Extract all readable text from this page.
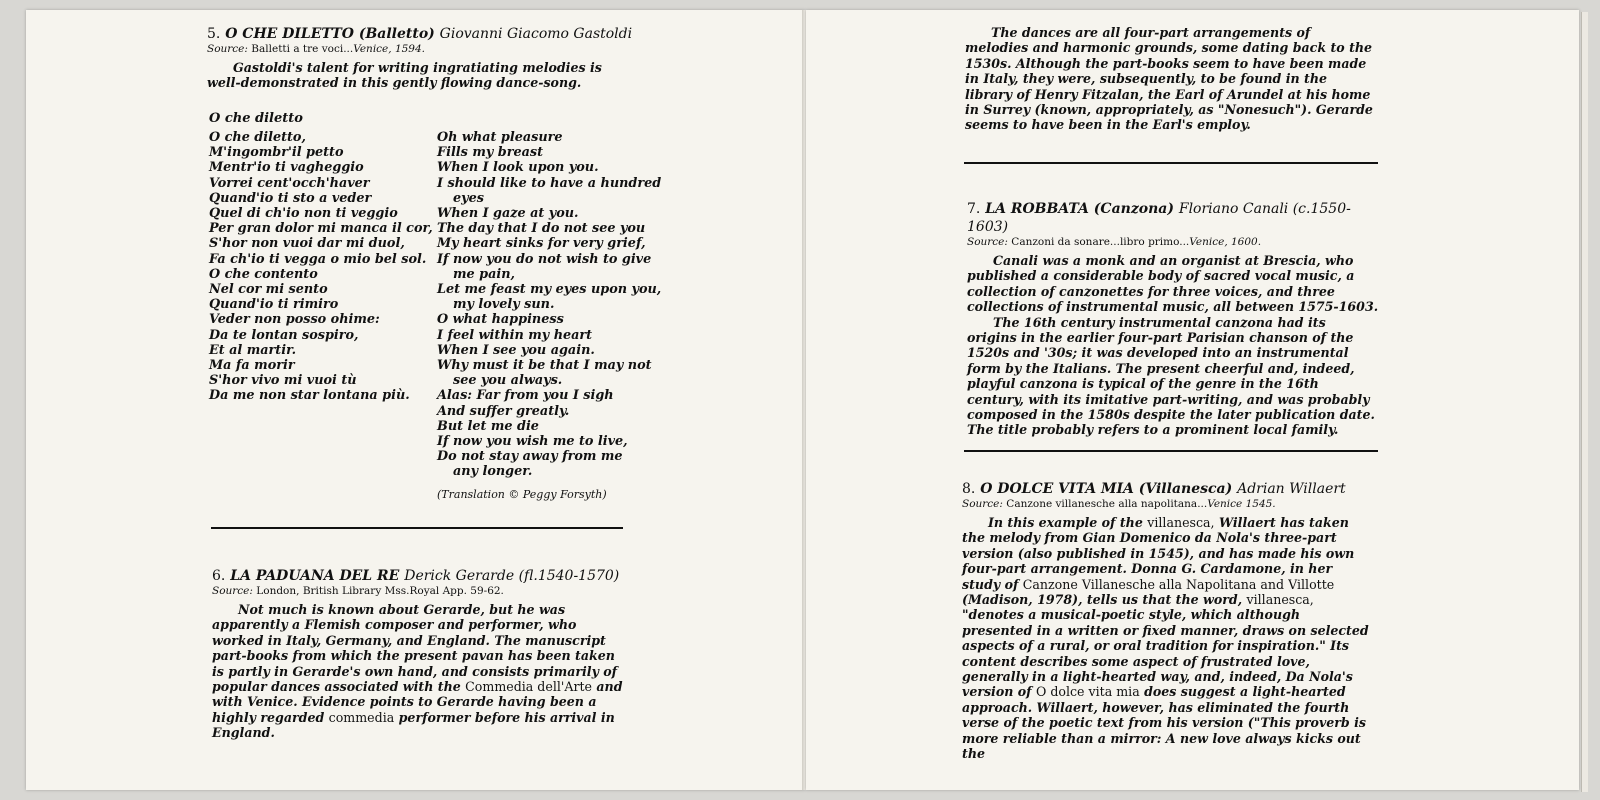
5. O CHE DILETTO (Balletto) Giovanni Giacomo Gastoldi

Source: Balletti a tre voci...Venice, 1594.

Gastoldi's talent for writing ingratiating melodies is well-demonstrated in this gently flowing dance-song.

O che diletto
O che diletto,
M'ingombr'il petto
Mentr'io ti vagheggio
Vorrei cent'occh'haver
Quand'io ti sto a veder
Quel di ch'io non ti veggio
Per gran dolor mi manca il cor,
S'hor non vuoi dar mi duol,
Fa ch'io ti vegga o mio bel sol.
O che contento
Nel cor mi sento
Quand'io ti rimiro
Veder non posso ohime:
Da te lontan sospiro,
Et al martir.
Ma fa morir
S'hor vivo mi vuoi tù
Da me non star lontana più.
Oh what pleasure
Fills my breast
When I look upon you.
I should like to have a hundred
eyes
When I gaze at you.
The day that I do not see you
My heart sinks for very grief,
If now you do not wish to give
me pain,
Let me feast my eyes upon you,
my lovely sun.
O what happiness
I feel within my heart
When I see you again.
Why must it be that I may not
see you always.
Alas: Far from you I sigh
And suffer greatly.
But let me die
If now you wish me to live,
Do not stay away from me
any longer.
(Translation © Peggy Forsyth)

6. LA PADUANA DEL RE Derick Gerarde (fl.1540-1570)

Source: London, British Library Mss.Royal App. 59-62.

Not much is known about Gerarde, but he was apparently a Flemish composer and performer, who worked in Italy, Germany, and England. The manuscript part-books from which the present pavan has been taken is partly in Gerarde's own hand, and consists primarily of popular dances associated with the Commedia dell'Arte and with Venice. Evidence points to Gerarde having been a highly regarded commedia performer before his arrival in England.

The dances are all four-part arrangements of melodies and harmonic grounds, some dating back to the 1530s. Although the part-books seem to have been made in Italy, they were, subsequently, to be found in the library of Henry Fitzalan, the Earl of Arundel at his home in Surrey (known, appropriately, as "Nonesuch"). Gerarde seems to have been in the Earl's employ.

7. LA ROBBATA (Canzona) Floriano Canali (c.1550-1603)

Source: Canzoni da sonare...libro primo...Venice, 1600.

Canali was a monk and an organist at Brescia, who published a considerable body of sacred vocal music, a collection of canzonettes for three voices, and three collections of instrumental music, all between 1575-1603.

The 16th century instrumental canzona had its origins in the earlier four-part Parisian chanson of the 1520s and '30s; it was developed into an instrumental form by the Italians. The present cheerful and, indeed, playful canzona is typical of the genre in the 16th century, with its imitative part-writing, and was probably composed in the 1580s despite the later publication date. The title probably refers to a prominent local family.

8. O DOLCE VITA MIA (Villanesca) Adrian Willaert

Source: Canzone villanesche alla napolitana...Venice 1545.

In this example of the villanesca, Willaert has taken the melody from Gian Domenico da Nola's three-part version (also published in 1545), and has made his own four-part arrangement. Donna G. Cardamone, in her study of Canzone Villanesche alla Napolitana and Villotte (Madison, 1978), tells us that the word, villanesca, "denotes a musical-poetic style, which although presented in a written or fixed manner, draws on selected aspects of a rural, or oral tradition for inspiration." Its content describes some aspect of frustrated love, generally in a light-hearted way, and, indeed, Da Nola's version of O dolce vita mia does suggest a light-hearted approach. Willaert, however, has eliminated the fourth verse of the poetic text from his version ("This proverb is more reliable than a mirror: A new love always kicks out the
